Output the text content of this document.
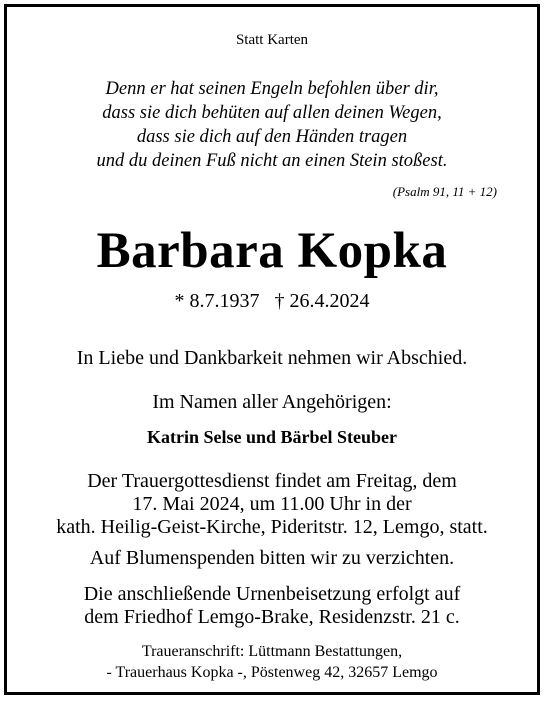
Statt Karten

Denn er hat seinen Engeln befohlen über dir,

dass sie dich behüten auf allen deinen Wegen,

dass sie dich auf den Händen tragen

und du deinen Fuß nicht an einen Stein stoßest.

(Psalm 91, 11 + 12)

Barbara Kopka

* 8.7.1937   † 26.4.2024

In Liebe und Dankbarkeit nehmen wir Abschied.

Im Namen aller Angehörigen:

Katrin Selse und Bärbel Steuber

Der Trauergottesdienst findet am Freitag, dem

17. Mai 2024, um 11.00 Uhr in der

kath. Heilig-Geist-Kirche, Pideritstr. 12, Lemgo, statt.

Auf Blumenspenden bitten wir zu verzichten.

Die anschließende Urnenbeisetzung erfolgt auf

dem Friedhof Lemgo-Brake, Residenzstr. 21 c.

Traueranschrift: Lüttmann Bestattungen,

- Trauerhaus Kopka -, Pöstenweg 42, 32657 Lemgo
